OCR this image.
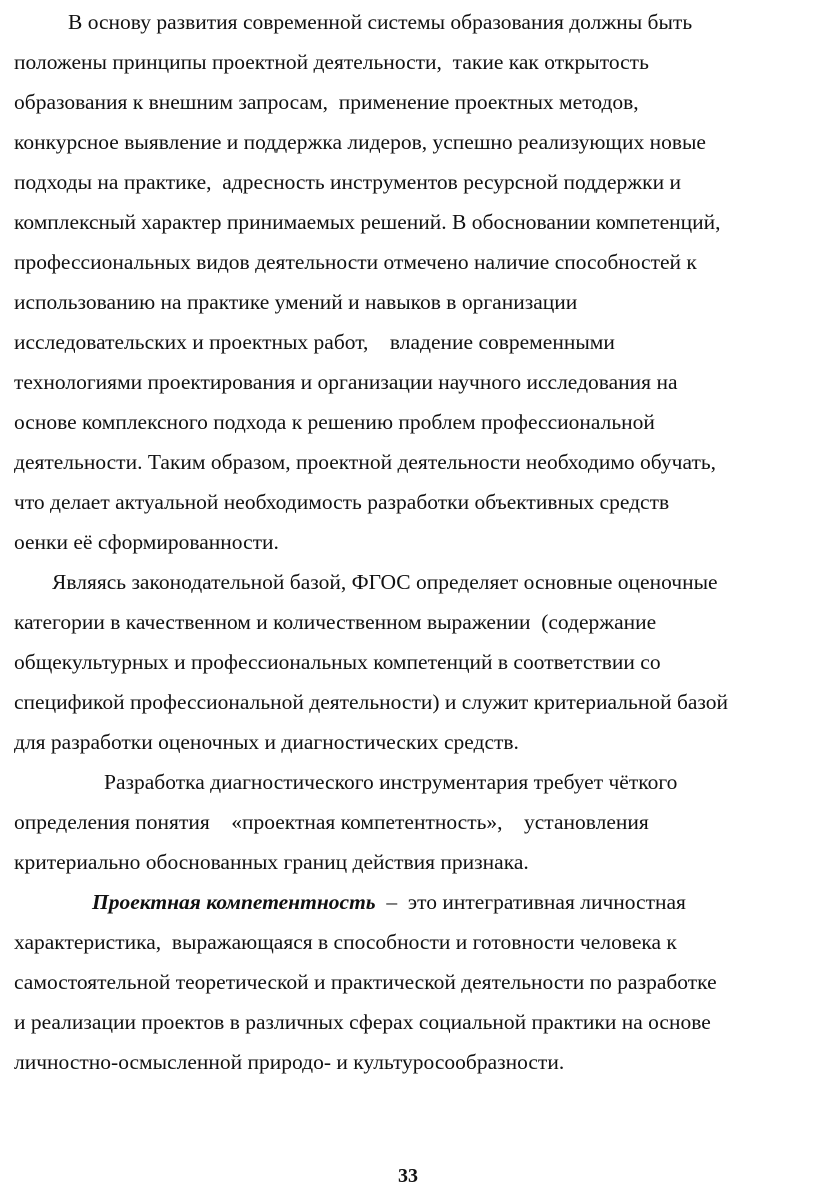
В основу развития современной системы образования должны быть
положены принципы проектной деятельности,  такие как открытость
образования к внешним запросам,  применение проектных методов,
конкурсное выявление и поддержка лидеров, успешно реализующих новые
подходы на практике,  адресность инструментов ресурсной поддержки и
комплексный характер принимаемых решений. В обосновании компетенций,
профессиональных видов деятельности отмечено наличие способностей к
использованию на практике умений и навыков в организации
исследовательских и проектных работ,    владение современными
технологиями проектирования и организации научного исследования на
основе комплексного подхода к решению проблем профессиональной
деятельности. Таким образом, проектной деятельности необходимо обучать,
что делает актуальной необходимость разработки объективных средств
оенки её сформированности.
Являясь законодательной базой, ФГОС определяет основные оценочные
категории в качественном и количественном выражении  (содержание
общекультурных и профессиональных компетенций в соответствии со
спецификой профессиональной деятельности) и служит критериальной базой
для разработки оценочных и диагностических средств.
Разработка диагностического инструментария требует чёткого
определения понятия    «проектная компетентность»,    установления
критериально обоснованных границ действия признака.
Проектная компетентность  –  это интегративная личностная
характеристика,  выражающаяся в способности и готовности человека к
самостоятельной теоретической и практической деятельности по разработке
и реализации проектов в различных сферах социальной практики на основе
личностно-осмысленной природо- и культуросообразности.
33
